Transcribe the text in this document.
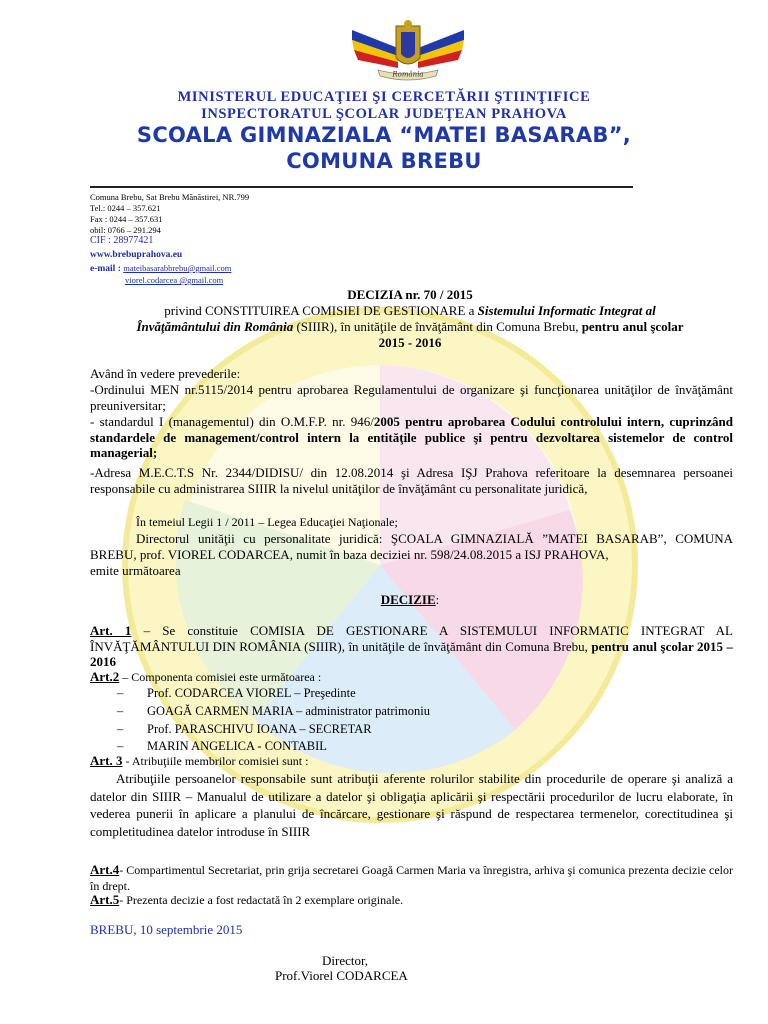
România
MINISTERUL EDUCAŢIEI ŞI CERCETĂRII ŞTIINŢIFICE
INSPECTORATUL ŞCOLAR JUDEŢEAN PRAHOVA
SCOALA GIMNAZIALA “MATEI BASARAB”,
COMUNA BREBU
Comuna Brebu, Sat Brebu Mănăstirei, NR.799
Tel.: 0244 – 357.621
Fax : 0244 – 357.631
obil: 0766 – 291.294
CIF : 28977421
www.brebuprahova.eu
e-mail : mateibasarabbrebu@gmail.com
viorel.codarcea @gmail.com
DECIZIA nr. 70 / 2015
privind CONSTITUIREA COMISIEI DE GESTIONARE a Sistemului Informatic Integrat al
Învăţământului din România (SIIIR), în unităţile de învăţământ din Comuna Brebu, pentru anul şcolar
2015 - 2016
Având în vedere prevederile:
-Ordinului MEN nr.5115/2014 pentru aprobarea Regulamentului de organizare şi funcţionarea unităţilor de învăţământ preuniversitar;
- standardul I (managementul) din O.M.F.P. nr. 946/2005 pentru aprobarea Codului controlului intern, cuprinzând standardele de management/control intern la entităţile publice şi pentru dezvoltarea sistemelor de control managerial;
-Adresa M.E.C.T.S Nr. 2344/DIDISU/ din 12.08.2014 şi Adresa IŞJ Prahova referitoare la desemnarea persoanei responsabile cu administrarea SIIIR la nivelul unităţilor de învăţământ cu personalitate juridică,
În temeiul Legii 1 / 2011 – Legea Educaţiei Naţionale;
Directorul unităţii cu personalitate juridică: ŞCOALA GIMNAZIALĂ ”MATEI BASARAB”, COMUNA BREBU, prof. VIOREL CODARCEA, numit în baza deciziei nr. 598/24.08.2015 a ISJ PRAHOVA,
emite următoarea
DECIZIE:
Art. 1 – Se constituie COMISIA DE GESTIONARE A SISTEMULUI INFORMATIC INTEGRAT AL ÎNVĂŢĂMÂNTULUI DIN ROMÂNIA (SIIIR), în unităţile de învăţământ din Comuna Brebu, pentru anul şcolar 2015 – 2016
Art.2 – Componenta comisiei este următoarea :
– Prof. CODARCEA VIOREL – Preşedinte
– GOAGĂ CARMEN MARIA – administrator patrimoniu
– Prof. PARASCHIVU IOANA – SECRETAR
– MARIN ANGELICA - CONTABIL
Art. 3 - Atribuţiile membrilor comisiei sunt :
Atribuţiile persoanelor responsabile sunt atribuţii aferente rolurilor stabilite din procedurile de operare şi analiză a datelor din SIIIR – Manualul de utilizare a datelor şi obligaţia aplicării şi respectării procedurilor de lucru elaborate, în vederea punerii în aplicare a planului de încărcare, gestionare şi răspund de respectarea termenelor, corectitudinea şi completitudinea datelor introduse în SIIIR
Art.4- Compartimentul Secretariat, prin grija secretarei Goagă Carmen Maria va înregistra, arhiva şi comunica prezenta decizie celor în drept.
Art.5- Prezenta decizie a fost redactată în 2 exemplare originale.
BREBU, 10 septembrie 2015
Director,
Prof.Viorel CODARCEA
